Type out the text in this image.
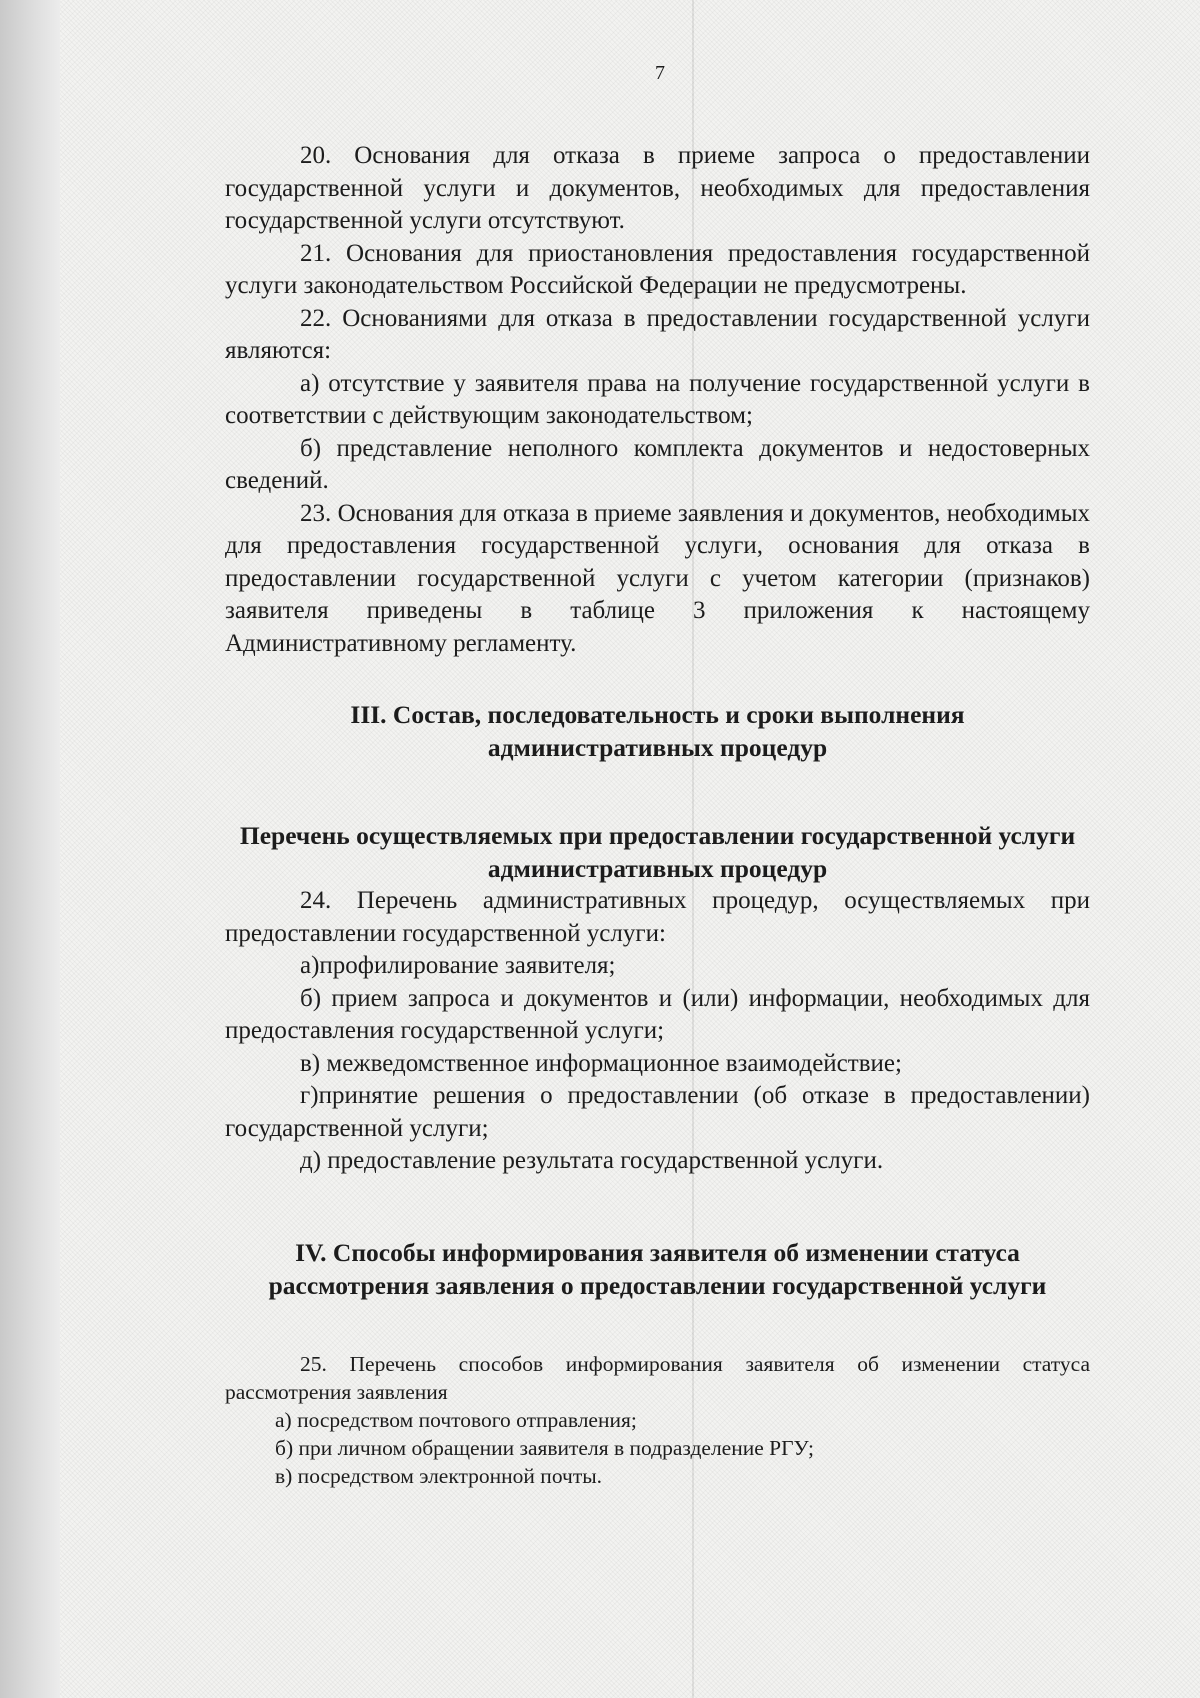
7

20. Основания для отказа в приеме запроса о предоставлении государственной услуги и документов, необходимых для предоставления государственной услуги отсутствуют.

21. Основания для приостановления предоставления государственной услуги законодательством Российской Федерации не предусмотрены.

22. Основаниями для отказа в предоставлении государственной услуги являются:

а) отсутствие у заявителя права на получение государственной услуги в соответствии с действующим законодательством;

б) представление неполного комплекта документов и недостоверных сведений.

23. Основания для отказа в приеме заявления и документов, необходимых для предоставления государственной услуги, основания для отказа в предоставлении государственной услуги с учетом категории (признаков) заявителя приведены в таблице 3 приложения к настоящему Административному регламенту.

III. Состав, последовательность и сроки выполнения
административных процедур
Перечень осуществляемых при предоставлении государственной услуги
административных процедур

24. Перечень административных процедур, осуществляемых при предоставлении государственной услуги:

а)профилирование заявителя;

б) прием запроса и документов и (или) информации, необходимых для предоставления государственной услуги;

в) межведомственное информационное взаимодействие;

г)принятие решения о предоставлении (об отказе в предоставлении) государственной услуги;

д) предоставление результата государственной услуги.

IV. Способы информирования заявителя об изменении статуса
рассмотрения заявления о предоставлении государственной услуги

25. Перечень способов информирования заявителя об изменении статуса рассмотрения заявления

а) посредством почтового отправления;

б) при личном обращении заявителя в подразделение РГУ;

в) посредством электронной почты.
